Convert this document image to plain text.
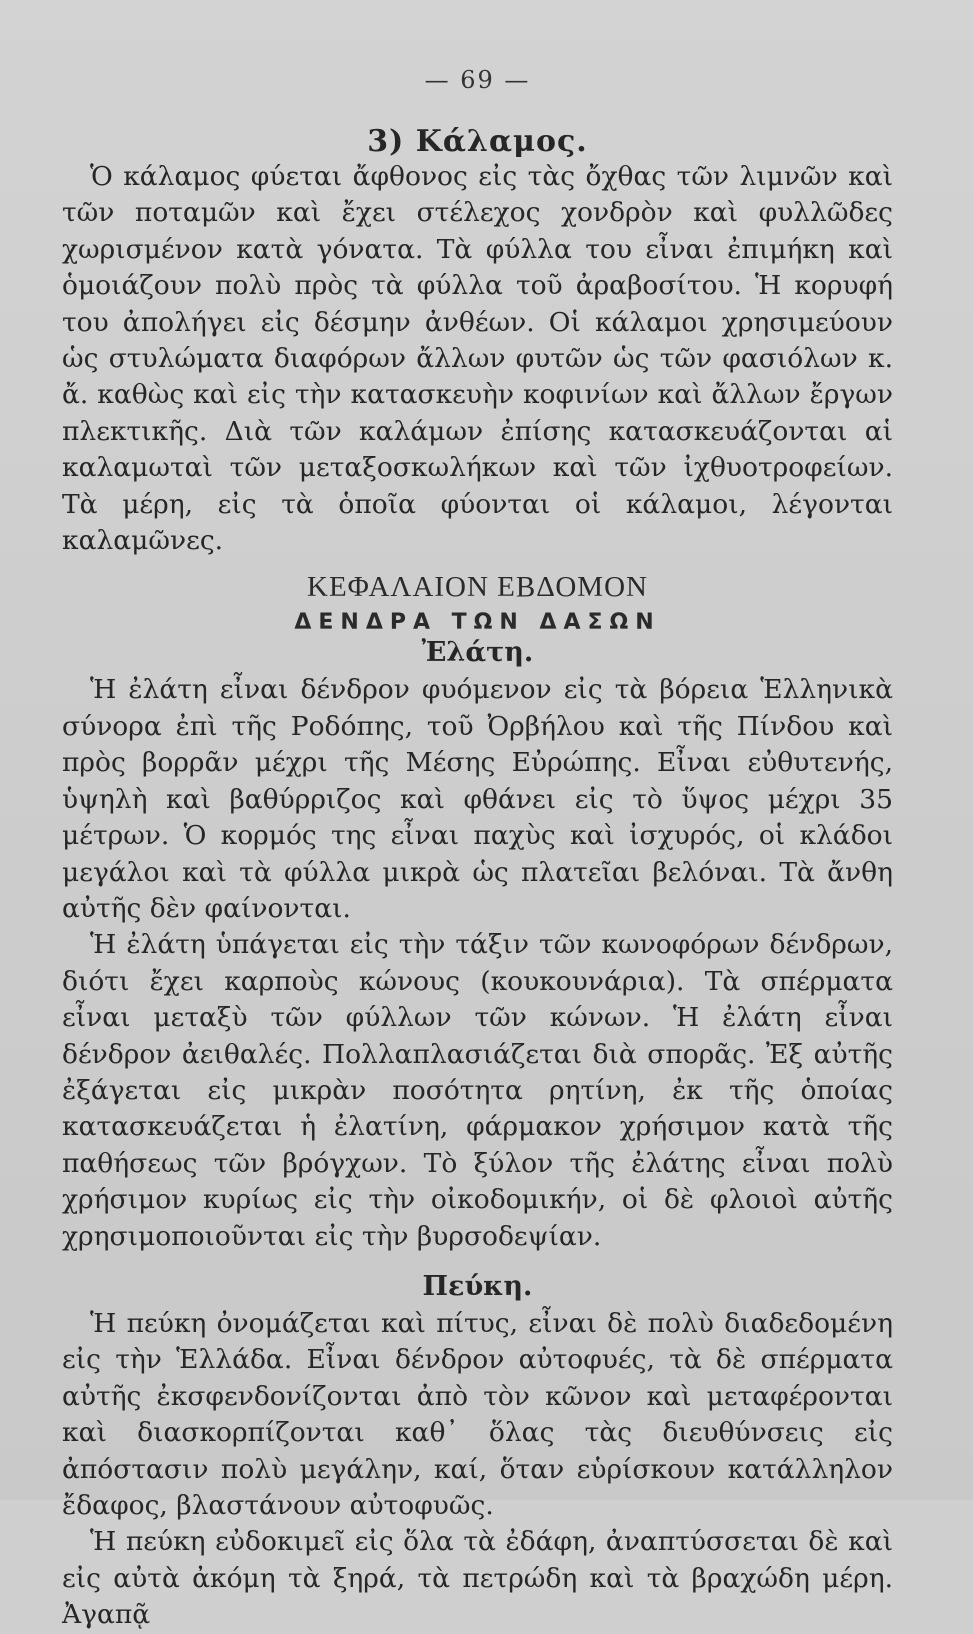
— 69 —
3) Κάλαμος.

Ὁ κάλαμος φύεται ἄφθονος εἰς τὰς ὄχθας τῶν λιμνῶν καὶ τῶν ποταμῶν καὶ ἔχει στέλεχος χονδρὸν καὶ φυλλῶδες χωρισμένον κατὰ γόνατα. Τὰ φύλλα του εἶναι ἐπιμήκη καὶ ὁμοιάζουν πολὺ πρὸς τὰ φύλλα τοῦ ἀραβοσίτου. Ἡ κορυφή του ἀπολήγει εἰς δέσμην ἀνθέων. Οἱ κάλαμοι χρησιμεύουν ὡς στυλώματα διαφόρων ἄλλων φυτῶν ὡς τῶν φασιόλων κ. ἄ. καθὼς καὶ εἰς τὴν κατασκευὴν κοφινίων καὶ ἄλλων ἔργων πλεκτικῆς. Διὰ τῶν καλάμων ἐπίσης κατασκευάζονται αἱ καλαμωταὶ τῶν μεταξοσκωλήκων καὶ τῶν ἰχθυοτροφείων. Τὰ μέρη, εἰς τὰ ὁποῖα φύονται οἱ κάλαμοι, λέγονται καλαμῶνες.

ΚΕΦΑΛΑΙΟΝ ΕΒΔΟΜΟΝ
ΔΕΝΔΡΑ ΤΩΝ ΔΑΣΩΝ
Ἐλάτη.

Ἡ ἐλάτη εἶναι δένδρον φυόμενον εἰς τὰ βόρεια Ἑλληνικὰ σύνορα ἐπὶ τῆς Ροδόπης, τοῦ Ὀρβήλου καὶ τῆς Πίνδου καὶ πρὸς βορρᾶν μέχρι τῆς Μέσης Εὐρώπης. Εἶναι εὐθυτενής, ὑψηλὴ καὶ βαθύρριζος καὶ φθάνει εἰς τὸ ὕψος μέχρι 35 μέτρων. Ὁ κορμός της εἶναι παχὺς καὶ ἰσχυρός, οἱ κλάδοι μεγάλοι καὶ τὰ φύλλα μικρὰ ὡς πλατεῖαι βελόναι. Τὰ ἄνθη αὐτῆς δὲν φαίνονται.

Ἡ ἐλάτη ὑπάγεται εἰς τὴν τάξιν τῶν κωνοφόρων δένδρων, διότι ἔχει καρποὺς κώνους (κουκουνάρια). Τὰ σπέρματα εἶναι μεταξὺ τῶν φύλλων τῶν κώνων. Ἡ ἐλάτη εἶναι δένδρον ἀειθαλές. Πολλαπλασιάζεται διὰ σπορᾶς. Ἐξ αὐτῆς ἐξάγεται εἰς μικρὰν ποσότητα ρητίνη, ἐκ τῆς ὁποίας κατασκευάζεται ἡ ἐλατίνη, φάρμακον χρήσιμον κατὰ τῆς παθήσεως τῶν βρόγχων. Τὸ ξύλον τῆς ἐλάτης εἶναι πολὺ χρήσιμον κυρίως εἰς τὴν οἰκοδομικήν, οἱ δὲ φλοιοὶ αὐτῆς χρησιμοποιοῦνται εἰς τὴν βυρσοδεψίαν.

Πεύκη.

Ἡ πεύκη ὀνομάζεται καὶ πίτυς, εἶναι δὲ πολὺ διαδεδομένη εἰς τὴν Ἑλλάδα. Εἶναι δένδρον αὐτοφυές, τὰ δὲ σπέρματα αὐτῆς ἐκσφενδονίζονται ἀπὸ τὸν κῶνον καὶ μεταφέρονται καὶ διασκορπίζονται καθ᾽ ὅλας τὰς διευθύνσεις εἰς ἀπόστασιν πολὺ μεγάλην, καί, ὅταν εὑρίσκουν κατάλληλον ἔδαφος, βλαστάνουν αὐτοφυῶς.

Ἡ πεύκη εὐδοκιμεῖ εἰς ὅλα τὰ ἐδάφη, ἀναπτύσσεται δὲ καὶ εἰς αὐτὰ ἀκόμη τὰ ξηρά, τὰ πετρώδη καὶ τὰ βραχώδη μέρη. Ἀγαπᾷ
